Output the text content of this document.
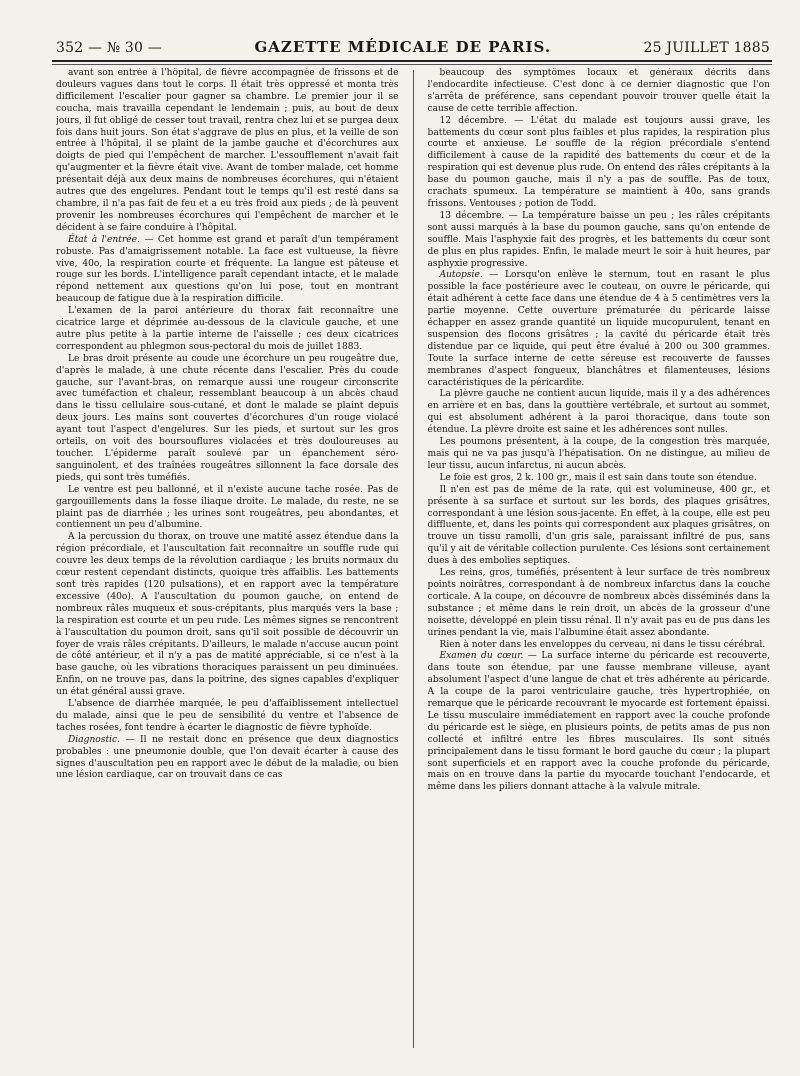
352 — № 30 —	GAZETTE MÉDICALE DE PARIS.	25 JUILLET 1885

avant son entrée à l'hôpital, de fièvre accompagnée de frissons et de douleurs vagues dans tout le corps. Il était très oppressé et monta très difficilement l'escalier pour gagner sa chambre. Le premier jour il se coucha, mais travailla cependant le lendemain ; puis, au bout de deux jours, il fut obligé de cesser tout travail, rentra chez lui et se purgea deux fois dans huit jours. Son état s'aggrave de plus en plus, et la veille de son entrée à l'hôpital, il se plaint de la jambe gauche et d'écorchures aux doigts de pied qui l'empêchent de marcher. L'essoufflement n'avait fait qu'augmenter et la fièvre était vive. Avant de tomber malade, cet homme présentait déjà aux deux mains de nombreuses écorchures, qui n'étaient autres que des engelures. Pendant tout le temps qu'il est resté dans sa chambre, il n'a pas fait de feu et a eu très froid aux pieds ; de là peuvent provenir les nombreuses écorchures qui l'empêchent de marcher et le décident à se faire conduire à l'hôpital.

État à l'entrée. — Cet homme est grand et paraît d'un tempérament robuste. Pas d'amaigrissement notable. La face est vultueuse, la fièvre vive, 40o, la respiration courte et fréquente. La langue est pâteuse et rouge sur les bords. L'intelligence paraît cependant intacte, et le malade répond nettement aux questions qu'on lui pose, tout en montrant beaucoup de fatigue due à la respiration difficile.

L'examen de la paroi antérieure du thorax fait reconnaître une cicatrice large et déprimée au-dessous de la clavicule gauche, et une autre plus petite à la partie interne de l'aisselle ; ces deux cicatrices correspondent au phlegmon sous-pectoral du mois de juillet 1883.

Le bras droit présente au coude une écorchure un peu rougeâtre due, d'après le malade, à une chute récente dans l'escalier. Près du coude gauche, sur l'avant-bras, on remarque aussi une rougeur circonscrite avec tuméfaction et chaleur, ressemblant beaucoup à un abcès chaud dans le tissu cellulaire sous-cutané, et dont le malade se plaint depuis deux jours. Les mains sont couvertes d'écorchures d'un rouge violacé ayant tout l'aspect d'engelures. Sur les pieds, et surtout sur les gros orteils, on voit des boursouflures violacées et très douloureuses au toucher. L'épiderme paraît soulevé par un épanchement séro-sanguinolent, et des traînées rougeâtres sillonnent la face dorsale des pieds, qui sont très tuméfiés.

Le ventre est peu ballonné, et il n'existe aucune tache rosée. Pas de gargouillements dans la fosse iliaque droite. Le malade, du reste, ne se plaint pas de diarrhée ; les urines sont rougeâtres, peu abondantes, et contiennent un peu d'albumine.

A la percussion du thorax, on trouve une matité assez étendue dans la région précordiale, et l'auscultation fait reconnaître un souffle rude qui couvre les deux temps de la révolution cardiaque ; les bruits normaux du cœur restent cependant distincts, quoique très affaiblis. Les battements sont très rapides (120 pulsations), et en rapport avec la température excessive (40o). A l'auscultation du poumon gauche, on entend de nombreux râles muqueux et sous-crépitants, plus marqués vers la base ; la respiration est courte et un peu rude. Les mêmes signes se rencontrent à l'auscultation du poumon droit, sans qu'il soit possible de découvrir un foyer de vrais râles crépitants. D'ailleurs, le malade n'accuse aucun point de côté antérieur, et il n'y a pas de matité appréciable, si ce n'est à la base gauche, où les vibrations thoraciques paraissent un peu diminuées. Enfin, on ne trouve pas, dans la poitrine, des signes capables d'expliquer un état général aussi grave.

L'absence de diarrhée marquée, le peu d'affaiblissement intellectuel du malade, ainsi que le peu de sensibilité du ventre et l'absence de taches rosées, font tendre à écarter le diagnostic de fièvre typhoïde.

Diagnostic. — Il ne restait donc en présence que deux diagnostics probables : une pneumonie double, que l'on devait écarter à cause des signes d'auscultation peu en rapport avec le début de la maladie, ou bien une lésion cardiaque, car on trouvait dans ce cas

beaucoup des symptômes locaux et généraux décrits dans l'endocardite infectieuse. C'est donc à ce dernier diagnostic que l'on s'arrêta de préférence, sans cependant pouvoir trouver quelle était la cause de cette terrible affection.

12 décembre. — L'état du malade est toujours aussi grave, les battements du cœur sont plus faibles et plus rapides, la respiration plus courte et anxieuse. Le souffle de la région précordiale s'entend difficilement à cause de la rapidité des battements du cœur et de la respiration qui est devenue plus rude. On entend des râles crépitants à la base du poumon gauche, mais il n'y a pas de souffle. Pas de toux, crachats spumeux. La température se maintient à 40o, sans grands frissons. Ventouses ; potion de Todd.

13 décembre. — La température baisse un peu ; les râles crépitants sont aussi marqués à la base du poumon gauche, sans qu'on entende de souffle. Mais l'asphyxie fait des progrès, et les battements du cœur sont de plus en plus rapides. Enfin, le malade meurt le soir à huit heures, par asphyxie progressive.

Autopsie. — Lorsqu'on enlève le sternum, tout en rasant le plus possible la face postérieure avec le couteau, on ouvre le péricarde, qui était adhérent à cette face dans une étendue de 4 à 5 centimètres vers la partie moyenne. Cette ouverture prématurée du péricarde laisse échapper en assez grande quantité un liquide mucopurulent, tenant en suspension des flocons grisâtres ; la cavité du péricarde était très distendue par ce liquide, qui peut être évalué à 200 ou 300 grammes. Toute la surface interne de cette séreuse est recouverte de fausses membranes d'aspect fongueux, blanchâtres et filamenteuses, lésions caractéristiques de la péricardite.

La plèvre gauche ne contient aucun liquide, mais il y a des adhérences en arrière et en bas, dans la gouttière vertébrale, et surtout au sommet, qui est absolument adhérent à la paroi thoracique, dans toute son étendue. La plèvre droite est saine et les adhérences sont nulles.

Les poumons présentent, à la coupe, de la congestion très marquée, mais qui ne va pas jusqu'à l'hépatisation. On ne distingue, au milieu de leur tissu, aucun infarctus, ni aucun abcès.

Le foie est gros, 2 k. 100 gr., mais il est sain dans toute son étendue.

Il n'en est pas de même de la rate, qui est volumineuse, 400 gr., et présente à sa surface et surtout sur les bords, des plaques grisâtres, correspondant à une lésion sous-jacente. En effet, à la coupe, elle est peu diffluente, et, dans les points qui correspondent aux plaques grisâtres, on trouve un tissu ramolli, d'un gris sale, paraissant infiltré de pus, sans qu'il y ait de véritable collection purulente. Ces lésions sont certainement dues à des embolies septiques.

Les reins, gros, tuméfiés, présentent à leur surface de très nombreux points noirâtres, correspondant à de nombreux infarctus dans la couche corticale. A la coupe, on découvre de nombreux abcès disséminés dans la substance ; et même dans le rein droit, un abcès de la grosseur d'une noisette, développé en plein tissu rénal. Il n'y avait pas eu de pus dans les urines pendant la vie, mais l'albumine était assez abondante.

Rien à noter dans les enveloppes du cerveau, ni dans le tissu cérébral.

Examen du cœur. — La surface interne du péricarde est recouverte, dans toute son étendue, par une fausse membrane villeuse, ayant absolument l'aspect d'une langue de chat et très adhérente au péricarde. A la coupe de la paroi ventriculaire gauche, très hypertrophiée, on remarque que le péricarde recouvrant le myocarde est fortement épaissi. Le tissu musculaire immédiatement en rapport avec la couche profonde du péricarde est le siège, en plusieurs points, de petits amas de pus non collecté et infiltré entre les fibres musculaires. Ils sont situés principalement dans le tissu formant le bord gauche du cœur ; la plupart sont superficiels et en rapport avec la couche profonde du péricarde, mais on en trouve dans la partie du myocarde touchant l'endocarde, et même dans les piliers donnant attache à la valvule mitrale.
